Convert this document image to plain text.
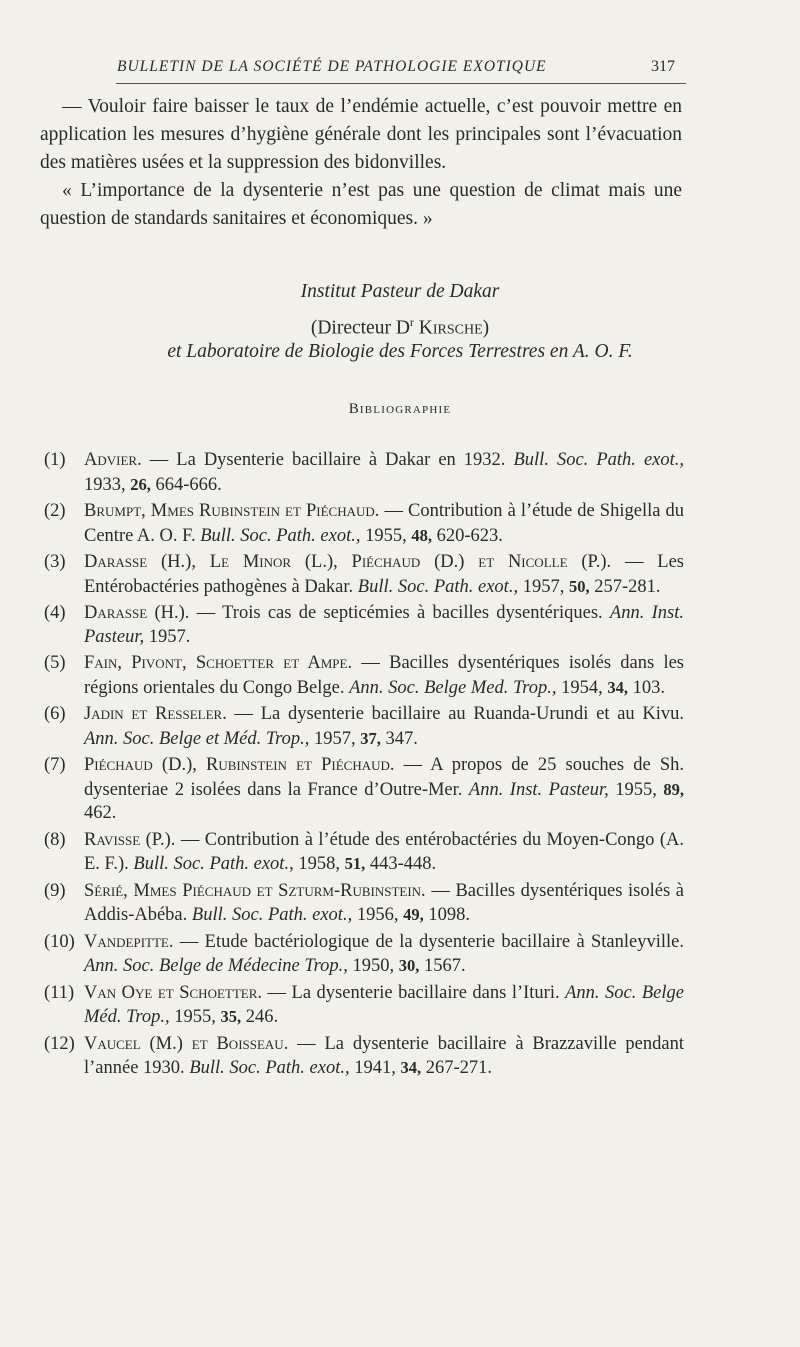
BULLETIN DE LA SOCIÉTÉ DE PATHOLOGIE EXOTIQUE	317

— Vouloir faire baisser le taux de l’endémie actuelle, c’est pouvoir mettre en application les mesures d’hygiène générale dont les principales sont l’évacuation des matières usées et la suppression des bidonvilles.

« L’importance de la dysenterie n’est pas une question de climat mais une question de standards sanitaires et économiques. »

Institut Pasteur de Dakar
(Directeur $D^r$ Kirsche)
et Laboratoire de Biologie des Forces Terrestres en A. O. F.
Bibliographie
(1) Advier. — La Dysenterie bacillaire à Dakar en 1932. Bull. Soc. Path. exot., 1933, 26, 664-666.
(2) Brumpt, Mmes Rubinstein et Piéchaud. — Contribution à l’étude de Shigella du Centre A. O. F. Bull. Soc. Path. exot., 1955, 48, 620-623.
(3) Darasse (H.), Le Minor (L.), Piéchaud (D.) et Nicolle (P.). — Les Entérobactéries pathogènes à Dakar. Bull. Soc. Path. exot., 1957, 50, 257-281.
(4) Darasse (H.). — Trois cas de septicémies à bacilles dysentériques. Ann. Inst. Pasteur, 1957.
(5) Fain, Pivont, Schoetter et Ampe. — Bacilles dysentériques isolés dans les régions orientales du Congo Belge. Ann. Soc. Belge Med. Trop., 1954, 34, 103.
(6) Jadin et Resseler. — La dysenterie bacillaire au Ruanda-Urundi et au Kivu. Ann. Soc. Belge et Méd. Trop., 1957, 37, 347.
(7) Piéchaud (D.), Rubinstein et Piéchaud. — A propos de 25 souches de Sh. dysenteriae 2 isolées dans la France d’Outre-Mer. Ann. Inst. Pasteur, 1955, 89, 462.
(8) Ravisse (P.). — Contribution à l’étude des entérobactéries du Moyen-Congo (A. E. F.). Bull. Soc. Path. exot., 1958, 51, 443-448.
(9) Sérié, Mmes Piéchaud et Szturm-Rubinstein. — Bacilles dysentériques isolés à Addis-Abéba. Bull. Soc. Path. exot., 1956, 49, 1098.
(10) Vandepitte. — Etude bactériologique de la dysenterie bacillaire à Stanleyville. Ann. Soc. Belge de Médecine Trop., 1950, 30, 1567.
(11) Van Oye et Schoetter. — La dysenterie bacillaire dans l’Ituri. Ann. Soc. Belge Méd. Trop., 1955, 35, 246.
(12) Vaucel (M.) et Boisseau. — La dysenterie bacillaire à Brazzaville pendant l’année 1930. Bull. Soc. Path. exot., 1941, 34, 267-271.
